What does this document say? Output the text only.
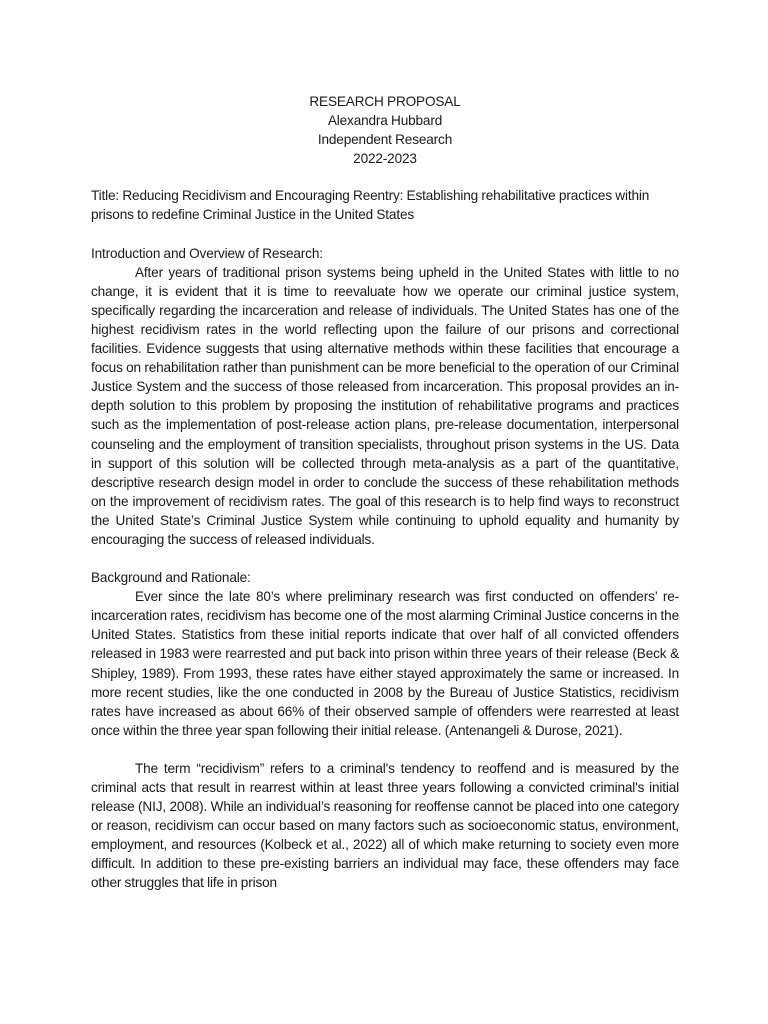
RESEARCH PROPOSAL
Alexandra Hubbard
Independent Research
2022-2023

Title: Reducing Recidivism and Encouraging Reentry: Establishing rehabilitative practices within prisons to redefine Criminal Justice in the United States

Introduction and Overview of Research:

After years of traditional prison systems being upheld in the United States with little to no change, it is evident that it is time to reevaluate how we operate our criminal justice system, specifically regarding the incarceration and release of individuals. The United States has one of the highest recidivism rates in the world reflecting upon the failure of our prisons and correctional facilities. Evidence suggests that using alternative methods within these facilities that encourage a focus on rehabilitation rather than punishment can be more beneficial to the operation of our Criminal Justice System and the success of those released from incarceration. This proposal provides an in-depth solution to this problem by proposing the institution of rehabilitative programs and practices such as the implementation of post-release action plans, pre-release documentation, interpersonal counseling and the employment of transition specialists, throughout prison systems in the US. Data in support of this solution will be collected through meta-analysis as a part of the quantitative, descriptive research design model in order to conclude the success of these rehabilitation methods on the improvement of recidivism rates. The goal of this research is to help find ways to reconstruct the United State’s Criminal Justice System while continuing to uphold equality and humanity by encouraging the success of released individuals.

Background and Rationale:

Ever since the late 80’s where preliminary research was first conducted on offenders’ re-incarceration rates, recidivism has become one of the most alarming Criminal Justice concerns in the United States. Statistics from these initial reports indicate that over half of all convicted offenders released in 1983 were rearrested and put back into prison within three years of their release (Beck & Shipley, 1989). From 1993, these rates have either stayed approximately the same or increased. In more recent studies, like the one conducted in 2008 by the Bureau of Justice Statistics, recidivism rates have increased as about 66% of their observed sample of offenders were rearrested at least once within the three year span following their initial release. (Antenangeli & Durose, 2021).

The term “recidivism” refers to a criminal's tendency to reoffend and is measured by the criminal acts that result in rearrest within at least three years following a convicted criminal's initial release (NIJ, 2008). While an individual’s reasoning for reoffense cannot be placed into one category or reason, recidivism can occur based on many factors such as socioeconomic status, environment, employment, and resources (Kolbeck et al., 2022) all of which make returning to society even more difficult. In addition to these pre-existing barriers an individual may face, these offenders may face other struggles that life in prison
